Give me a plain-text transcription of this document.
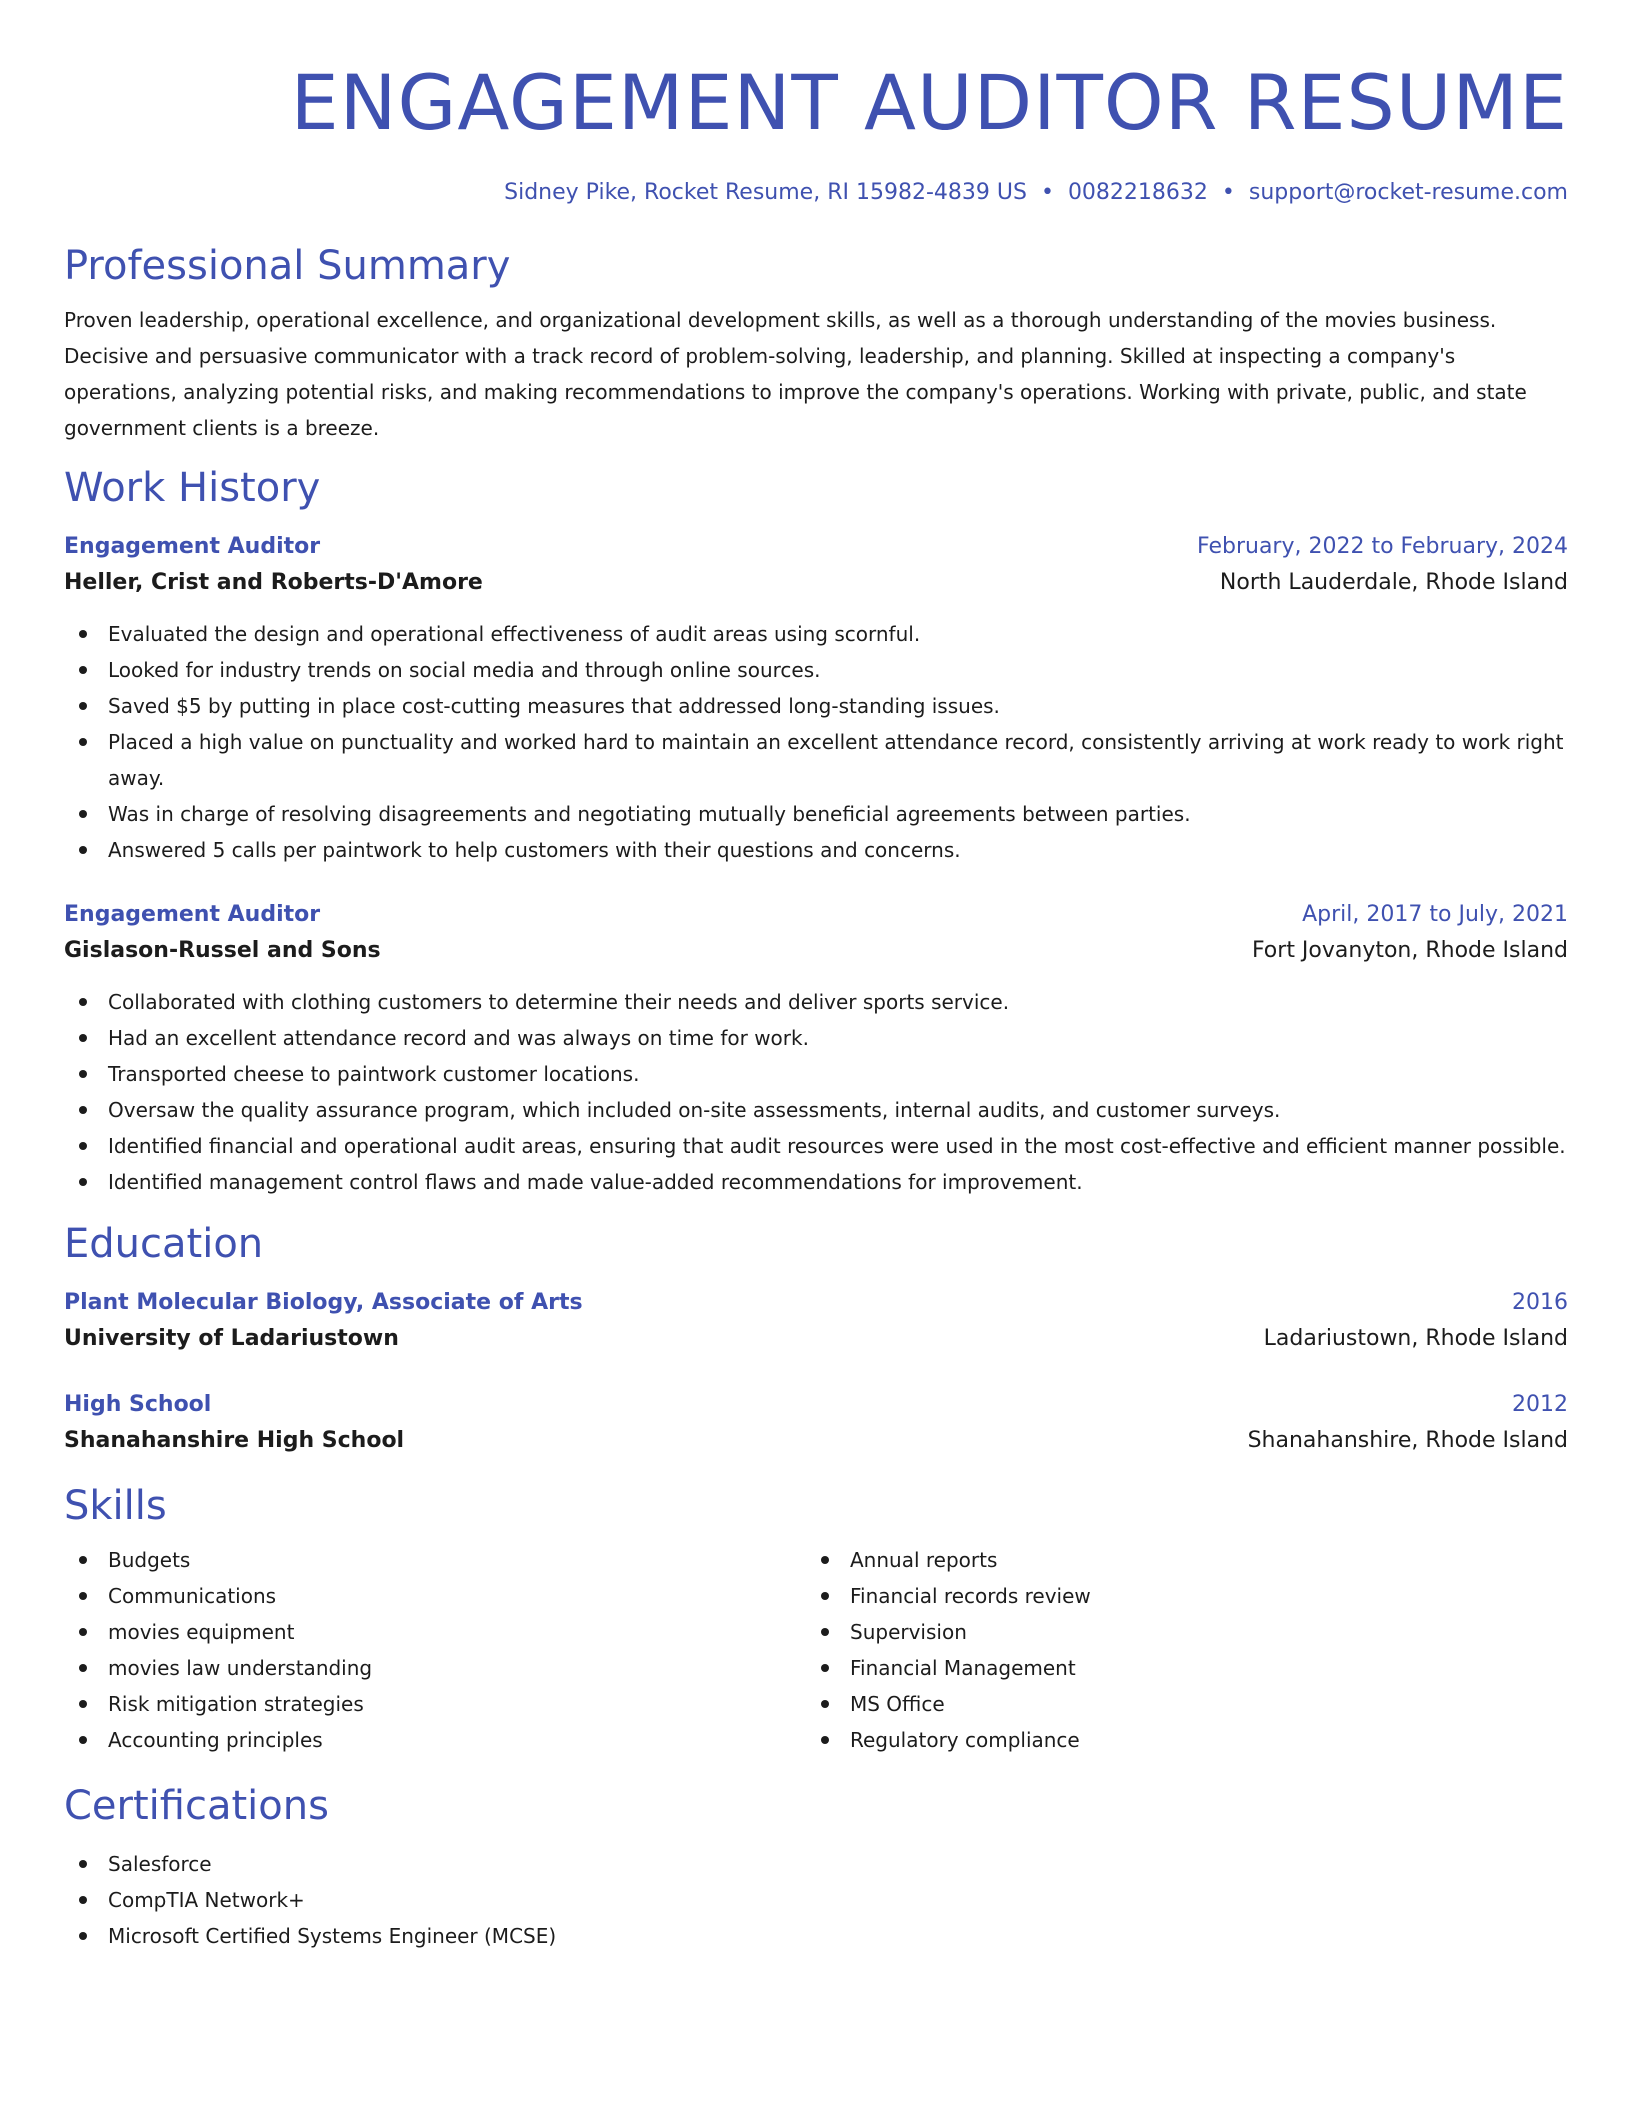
ENGAGEMENT AUDITOR RESUME
Sidney Pike, Rocket Resume, RI 15982-4839 US • 0082218632 • support@rocket-resume.com
Professional Summary
Proven leadership, operational excellence, and organizational development skills, as well as a thorough understanding of the movies business. Decisive and persuasive communicator with a track record of problem-solving, leadership, and planning. Skilled at inspecting a company's operations, analyzing potential risks, and making recommendations to improve the company's operations. Working with private, public, and state government clients is a breeze.
Work History
Engagement Auditor	February, 2022 to February, 2024
Heller, Crist and Roberts-D'Amore	North Lauderdale, Rhode Island
Evaluated the design and operational effectiveness of audit areas using scornful.
Looked for industry trends on social media and through online sources.
Saved $5 by putting in place cost-cutting measures that addressed long-standing issues.
Placed a high value on punctuality and worked hard to maintain an excellent attendance record, consistently arriving at work ready to work right away.
Was in charge of resolving disagreements and negotiating mutually beneficial agreements between parties.
Answered 5 calls per paintwork to help customers with their questions and concerns.
Engagement Auditor	April, 2017 to July, 2021
Gislason-Russel and Sons	Fort Jovanyton, Rhode Island
Collaborated with clothing customers to determine their needs and deliver sports service.
Had an excellent attendance record and was always on time for work.
Transported cheese to paintwork customer locations.
Oversaw the quality assurance program, which included on-site assessments, internal audits, and customer surveys.
Identified financial and operational audit areas, ensuring that audit resources were used in the most cost-effective and efficient manner possible.
Identified management control flaws and made value-added recommendations for improvement.
Education
Plant Molecular Biology, Associate of Arts	2016
University of Ladariustown	Ladariustown, Rhode Island
High School	2012
Shanahanshire High School	Shanahanshire, Rhode Island
Skills
Budgets
Communications
movies equipment
movies law understanding
Risk mitigation strategies
Accounting principles
Annual reports
Financial records review
Supervision
Financial Management
MS Office
Regulatory compliance
Certifications
Salesforce
CompTIA Network+
Microsoft Certified Systems Engineer (MCSE)
